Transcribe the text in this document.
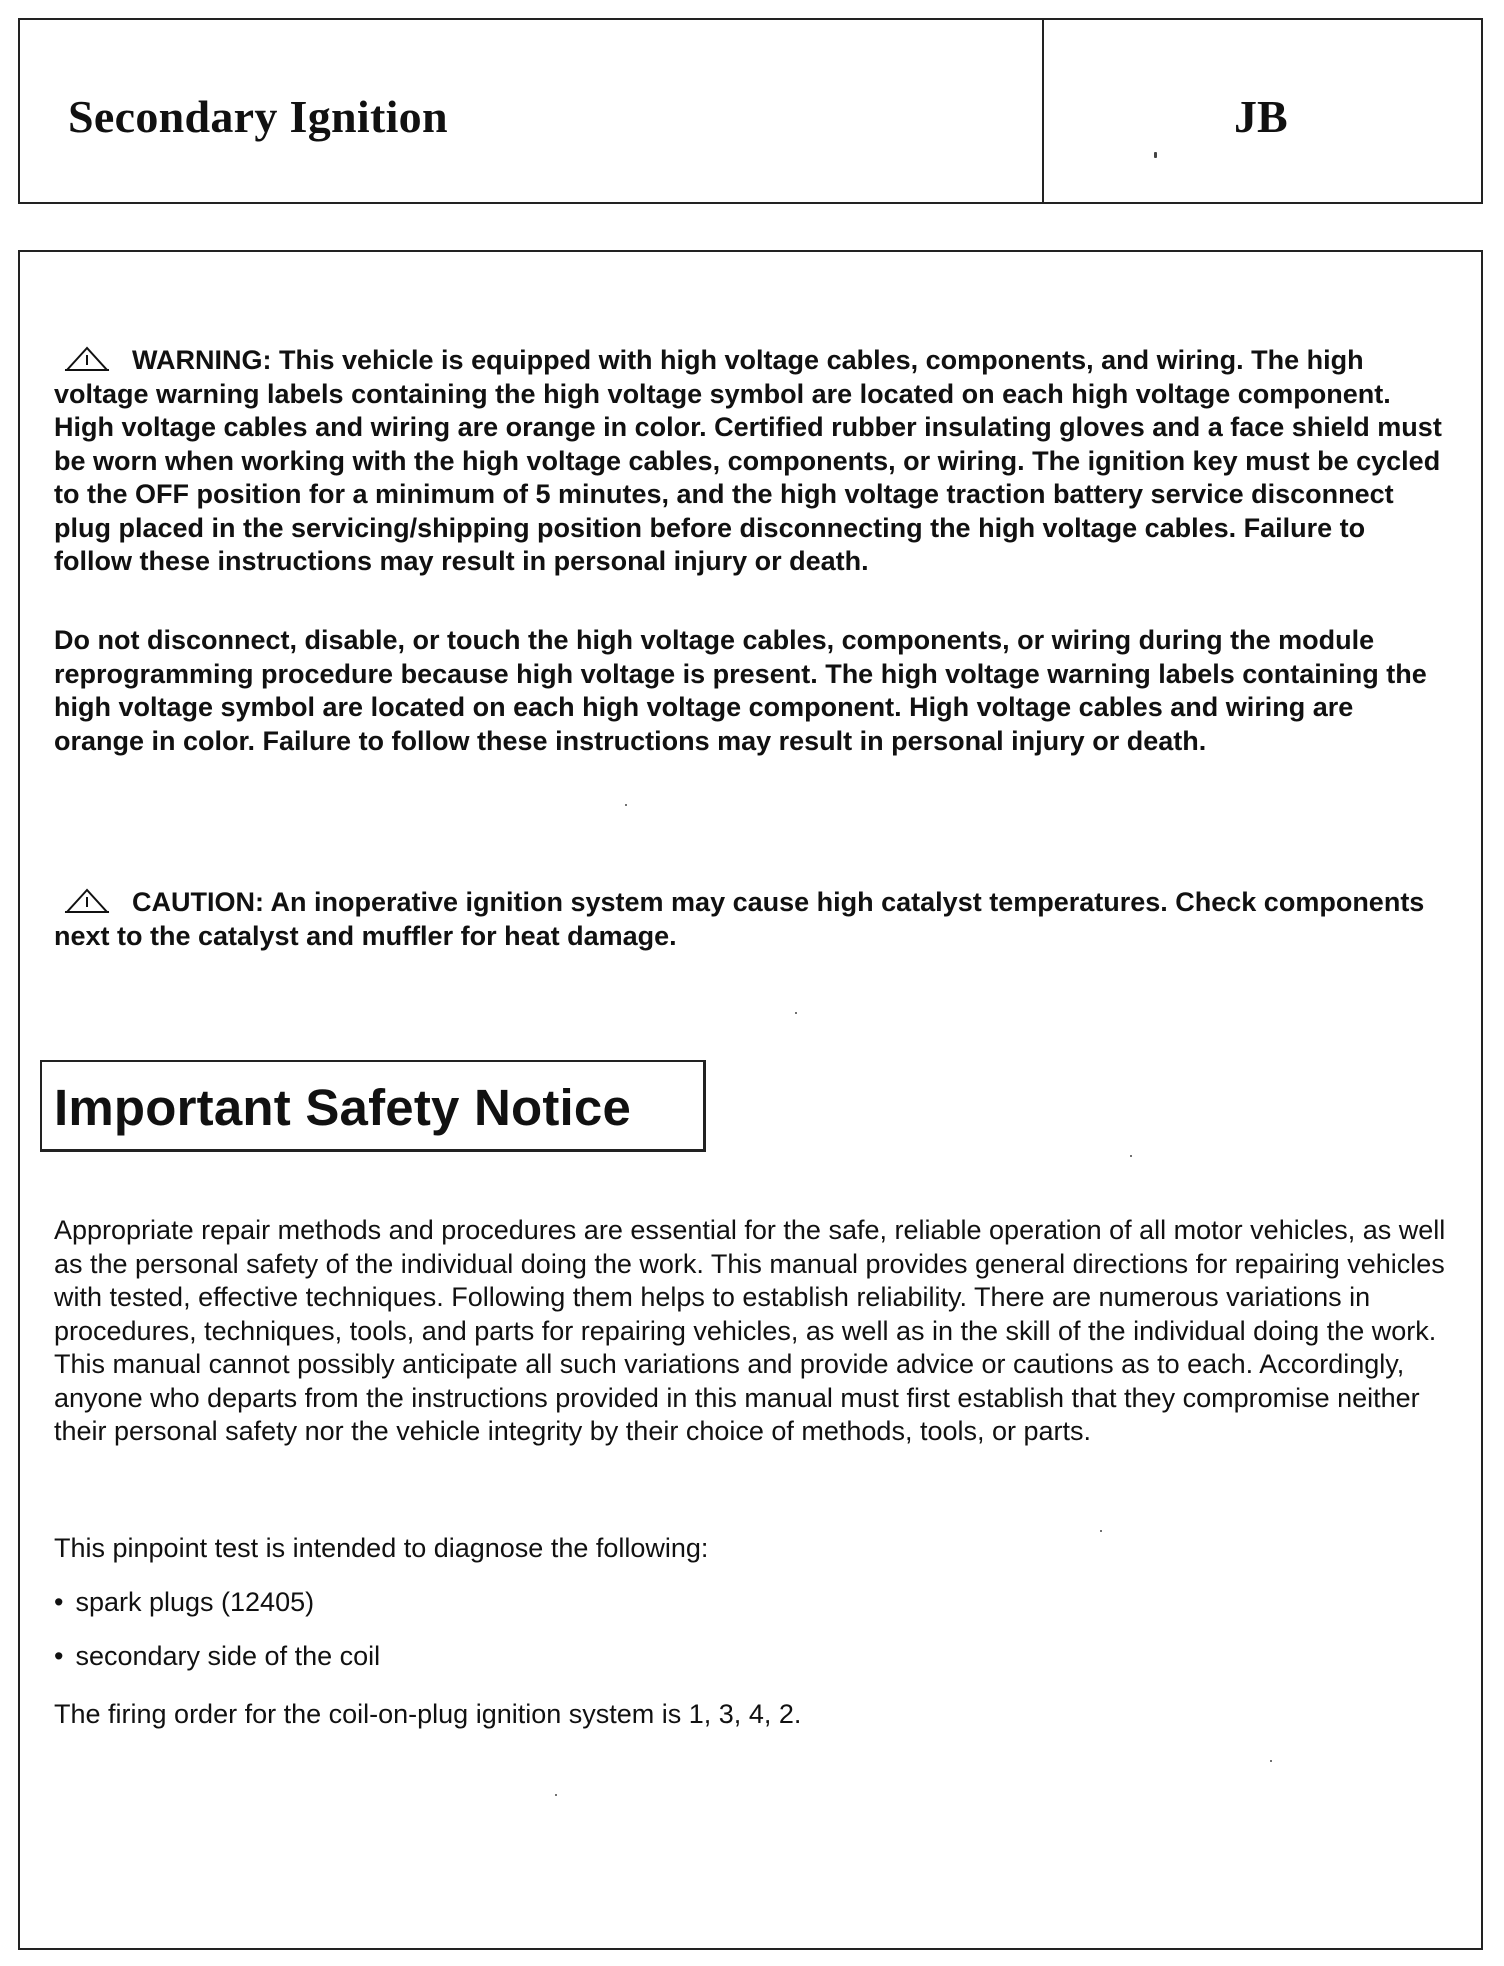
Secondary Ignition	JB

WARNING: This vehicle is equipped with high voltage cables, components, and wiring. The high voltage warning labels containing the high voltage symbol are located on each high voltage component. High voltage cables and wiring are orange in color. Certified rubber insulating gloves and a face shield must be worn when working with the high voltage cables, components, or wiring. The ignition key must be cycled to the OFF position for a minimum of 5 minutes, and the high voltage traction battery service disconnect plug placed in the servicing/shipping position before disconnecting the high voltage cables. Failure to follow these instructions may result in personal injury or death.

Do not disconnect, disable, or touch the high voltage cables, components, or wiring during the module reprogramming procedure because high voltage is present. The high voltage warning labels containing the high voltage symbol are located on each high voltage component. High voltage cables and wiring are orange in color. Failure to follow these instructions may result in personal injury or death.

CAUTION: An inoperative ignition system may cause high catalyst temperatures. Check components next to the catalyst and muffler for heat damage.

Important Safety Notice

Appropriate repair methods and procedures are essential for the safe, reliable operation of all motor vehicles, as well as the personal safety of the individual doing the work. This manual provides general directions for repairing vehicles with tested, effective techniques. Following them helps to establish reliability. There are numerous variations in procedures, techniques, tools, and parts for repairing vehicles, as well as in the skill of the individual doing the work. This manual cannot possibly anticipate all such variations and provide advice or cautions as to each. Accordingly, anyone who departs from the instructions provided in this manual must first establish that they compromise neither their personal safety nor the vehicle integrity by their choice of methods, tools, or parts.

This pinpoint test is intended to diagnose the following:

• spark plugs (12405)

• secondary side of the coil

The firing order for the coil-on-plug ignition system is 1, 3, 4, 2.
